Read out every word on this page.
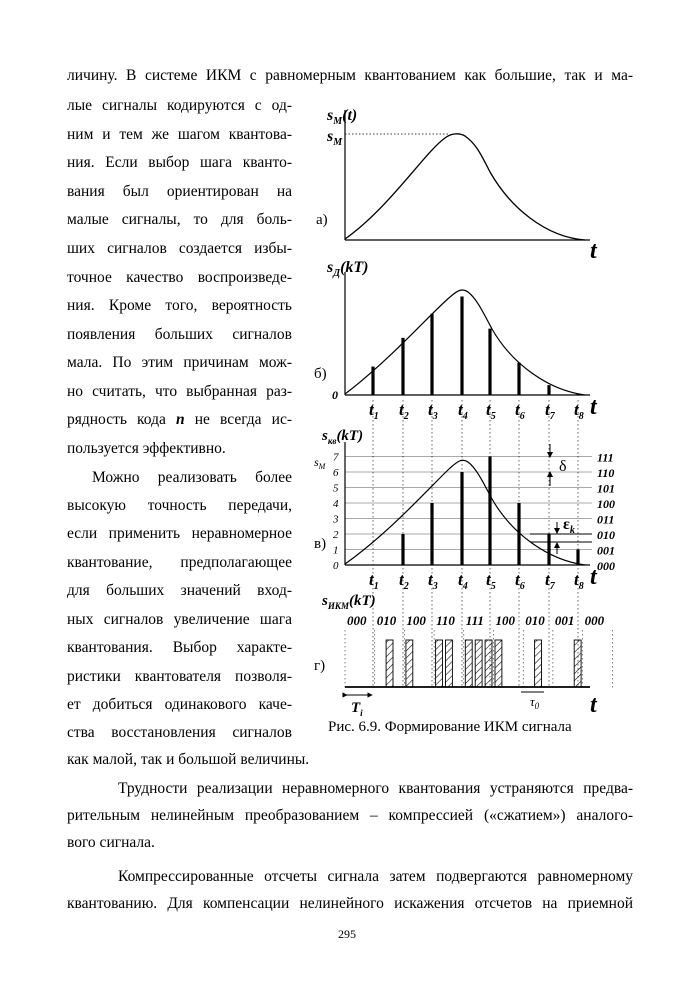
личину. В системе ИКМ с равномерным квантованием как большие, так и ма-
лые сигналы кодируются с од-
ним и тем же шагом квантова-
ния. Если выбор шага кванто-
вания был ориентирован на
малые сигналы, то для боль-
ших сигналов создается избы-
точное качество воспроизведе-
ния. Кроме того, вероятность
появления больших сигналов
мала. По этим причинам мож-
но считать, что выбранная раз-
рядность кода n не всегда ис-
пользуется эффективно.
Можно реализовать более
высокую точность передачи,
если применить неравномерное
квантование, предполагающее
для больших значений вход-
ных сигналов увеличение шага
квантования. Выбор характе-
ристики квантователя позволя-
ет добиться одинакового каче-
ства восстановления сигналов
как малой, так и большой величины.
Трудности реализации неравномерного квантования устраняются предва-
рительным нелинейным преобразованием – компрессией («сжатием») аналого-
вого сигнала.
Компрессированные отсчеты сигнала затем подвергаются равномерному
квантованию. Для компенсации нелинейного искажения отсчетов на приемной
$s_М(t)$
$s_М$
а)
t
$s_Д(kT)$
0
б)
$t_1$ $t_2$ $t_3$ $t_4$ $t_5$ $t_6$ $t_7$ $t_8$ t
0	000
1	001
2	010
3	011
4	100
5	101
6	110
7	111
δ
$\varepsilon_k$
$s_{кв}(kT)$
$s_М$
в)
$t_1$ $t_2$ $t_3$ $t_4$ $t_5$ $t_6$ $t_7$ $t_8$ t
000 010 100 110 111 100 010 001 000
$s_{ИКМ}(kT)$
г)
$T_i$
$\tau_0$ t
Рис. 6.9. Формирование ИКМ сигнала
295
